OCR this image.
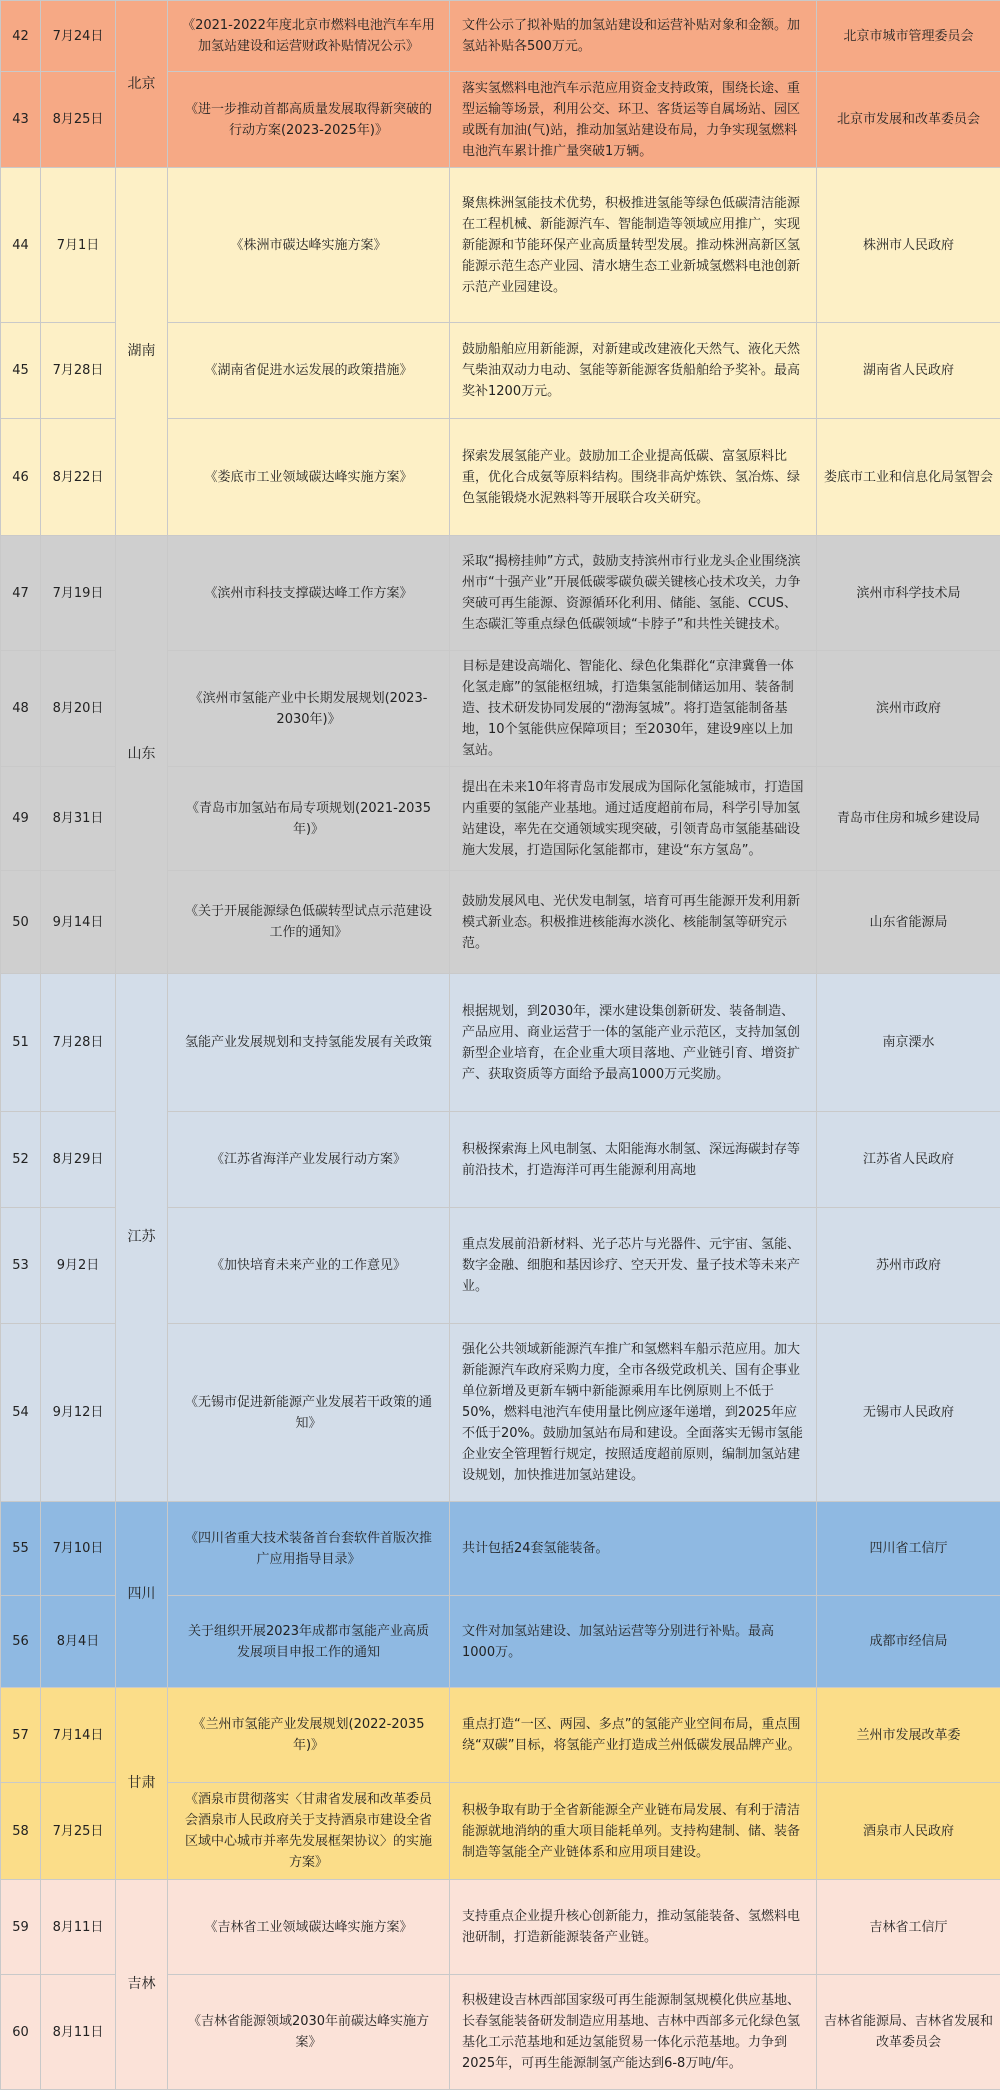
42	7月24日	北京	《2021-2022年度北京市燃料电池汽车车用加氢站建设和运营财政补贴情况公示》	文件公示了拟补贴的加氢站建设和运营补贴对象和金额。加氢站补贴各500万元。	北京市城市管理委员会
43	8月25日		《进一步推动首都高质量发展取得新突破的行动方案(2023-2025年)》	落实氢燃料电池汽车示范应用资金支持政策，围绕长途、重型运输等场景，利用公交、环卫、客货运等自属场站、园区或既有加油(气)站，推动加氢站建设布局，力争实现氢燃料电池汽车累计推广量突破1万辆。	北京市发展和改革委员会
44	7月1日	湖南	《株洲市碳达峰实施方案》	聚焦株洲氢能技术优势，积极推进氢能等绿色低碳清洁能源在工程机械、新能源汽车、智能制造等领域应用推广，实现新能源和节能环保产业高质量转型发展。推动株洲高新区氢能源示范生态产业园、清水塘生态工业新城氢燃料电池创新示范产业园建设。	株洲市人民政府
45	7月28日		《湖南省促进水运发展的政策措施》	鼓励船舶应用新能源，对新建或改建液化天然气、液化天然气柴油双动力电动、氢能等新能源客货船舶给予奖补。最高奖补1200万元。	湖南省人民政府
46	8月22日		《娄底市工业领域碳达峰实施方案》	探索发展氢能产业。鼓励加工企业提高低碳、富氢原料比重，优化合成氨等原料结构。围绕非高炉炼铁、氢冶炼、绿色氢能锻烧水泥熟料等开展联合攻关研究。	娄底市工业和信息化局氢智会
47	7月19日	山东	《滨州市科技支撑碳达峰工作方案》	采取“揭榜挂帅”方式，鼓励支持滨州市行业龙头企业围绕滨州市“十强产业”开展低碳零碳负碳关键核心技术攻关，力争突破可再生能源、资源循环化利用、储能、氢能、CCUS、生态碳汇等重点绿色低碳领域“卡脖子”和共性关键技术。	滨州市科学技术局
48	8月20日		《滨州市氢能产业中长期发展规划(2023-2030年)》	目标是建设高端化、智能化、绿色化集群化“京津冀鲁一体化氢走廊”的氢能枢纽城，打造集氢能制储运加用、装备制造、技术研发协同发展的“渤海氢城”。将打造氢能制备基地，10个氢能供应保障项目；至2030年，建设9座以上加氢站。	滨州市政府
49	8月31日		《青岛市加氢站布局专项规划(2021-2035年)》	提出在未来10年将青岛市发展成为国际化氢能城市，打造国内重要的氢能产业基地。通过适度超前布局，科学引导加氢站建设，率先在交通领域实现突破，引领青岛市氢能基础设施大发展，打造国际化氢能都市，建设“东方氢岛”。	青岛市住房和城乡建设局
50	9月14日		《关于开展能源绿色低碳转型试点示范建设工作的通知》	鼓励发展风电、光伏发电制氢，培育可再生能源开发利用新模式新业态。积极推进核能海水淡化、核能制氢等研究示范。	山东省能源局
51	7月28日	江苏	氢能产业发展规划和支持氢能发展有关政策	根据规划，到2030年，溧水建设集创新研发、装备制造、产品应用、商业运营于一体的氢能产业示范区，支持加氢创新型企业培育，在企业重大项目落地、产业链引育、增资扩产、获取资质等方面给予最高1000万元奖励。	南京溧水
52	8月29日		《江苏省海洋产业发展行动方案》	积极探索海上风电制氢、太阳能海水制氢、深远海碳封存等前沿技术，打造海洋可再生能源利用高地	江苏省人民政府
53	9月2日		《加快培育未来产业的工作意见》	重点发展前沿新材料、光子芯片与光器件、元宇宙、氢能、数字金融、细胞和基因诊疗、空天开发、量子技术等未来产业。	苏州市政府
54	9月12日		《无锡市促进新能源产业发展若干政策的通知》	强化公共领域新能源汽车推广和氢燃料车船示范应用。加大新能源汽车政府采购力度，全市各级党政机关、国有企事业单位新增及更新车辆中新能源乘用车比例原则上不低于50%，燃料电池汽车使用量比例应逐年递增，到2025年应不低于20%。鼓励加氢站布局和建设。全面落实无锡市氢能企业安全管理暂行规定，按照适度超前原则，编制加氢站建设规划，加快推进加氢站建设。	无锡市人民政府
55	7月10日	四川	《四川省重大技术装备首台套软件首版次推广应用指导目录》	共计包括24套氢能装备。	四川省工信厅
56	8月4日		关于组织开展2023年成都市氢能产业高质发展项目申报工作的通知	文件对加氢站建设、加氢站运营等分别进行补贴。最高1000万。	成都市经信局
57	7月14日	甘肃	《兰州市氢能产业发展规划(2022-2035年)》	重点打造“一区、两园、多点”的氢能产业空间布局，重点围绕“双碳”目标，将氢能产业打造成兰州低碳发展品牌产业。	兰州市发展改革委
58	7月25日		《酒泉市贯彻落实〈甘肃省发展和改革委员会酒泉市人民政府关于支持酒泉市建设全省区域中心城市并率先发展框架协议〉的实施方案》	积极争取有助于全省新能源全产业链布局发展、有利于清洁能源就地消纳的重大项目能耗单列。支持构建制、储、装备制造等氢能全产业链体系和应用项目建设。	酒泉市人民政府
59	8月11日	吉林	《吉林省工业领域碳达峰实施方案》	支持重点企业提升核心创新能力，推动氢能装备、氢燃料电池研制，打造新能源装备产业链。	吉林省工信厅
60	8月11日		《吉林省能源领域2030年前碳达峰实施方案》	积极建设吉林西部国家级可再生能源制氢规模化供应基地、长春氢能装备研发制造应用基地、吉林中西部多元化绿色氢基化工示范基地和延边氢能贸易一体化示范基地。力争到2025年，可再生能源制氢产能达到6-8万吨/年。	吉林省能源局、吉林省发展和改革委员会
